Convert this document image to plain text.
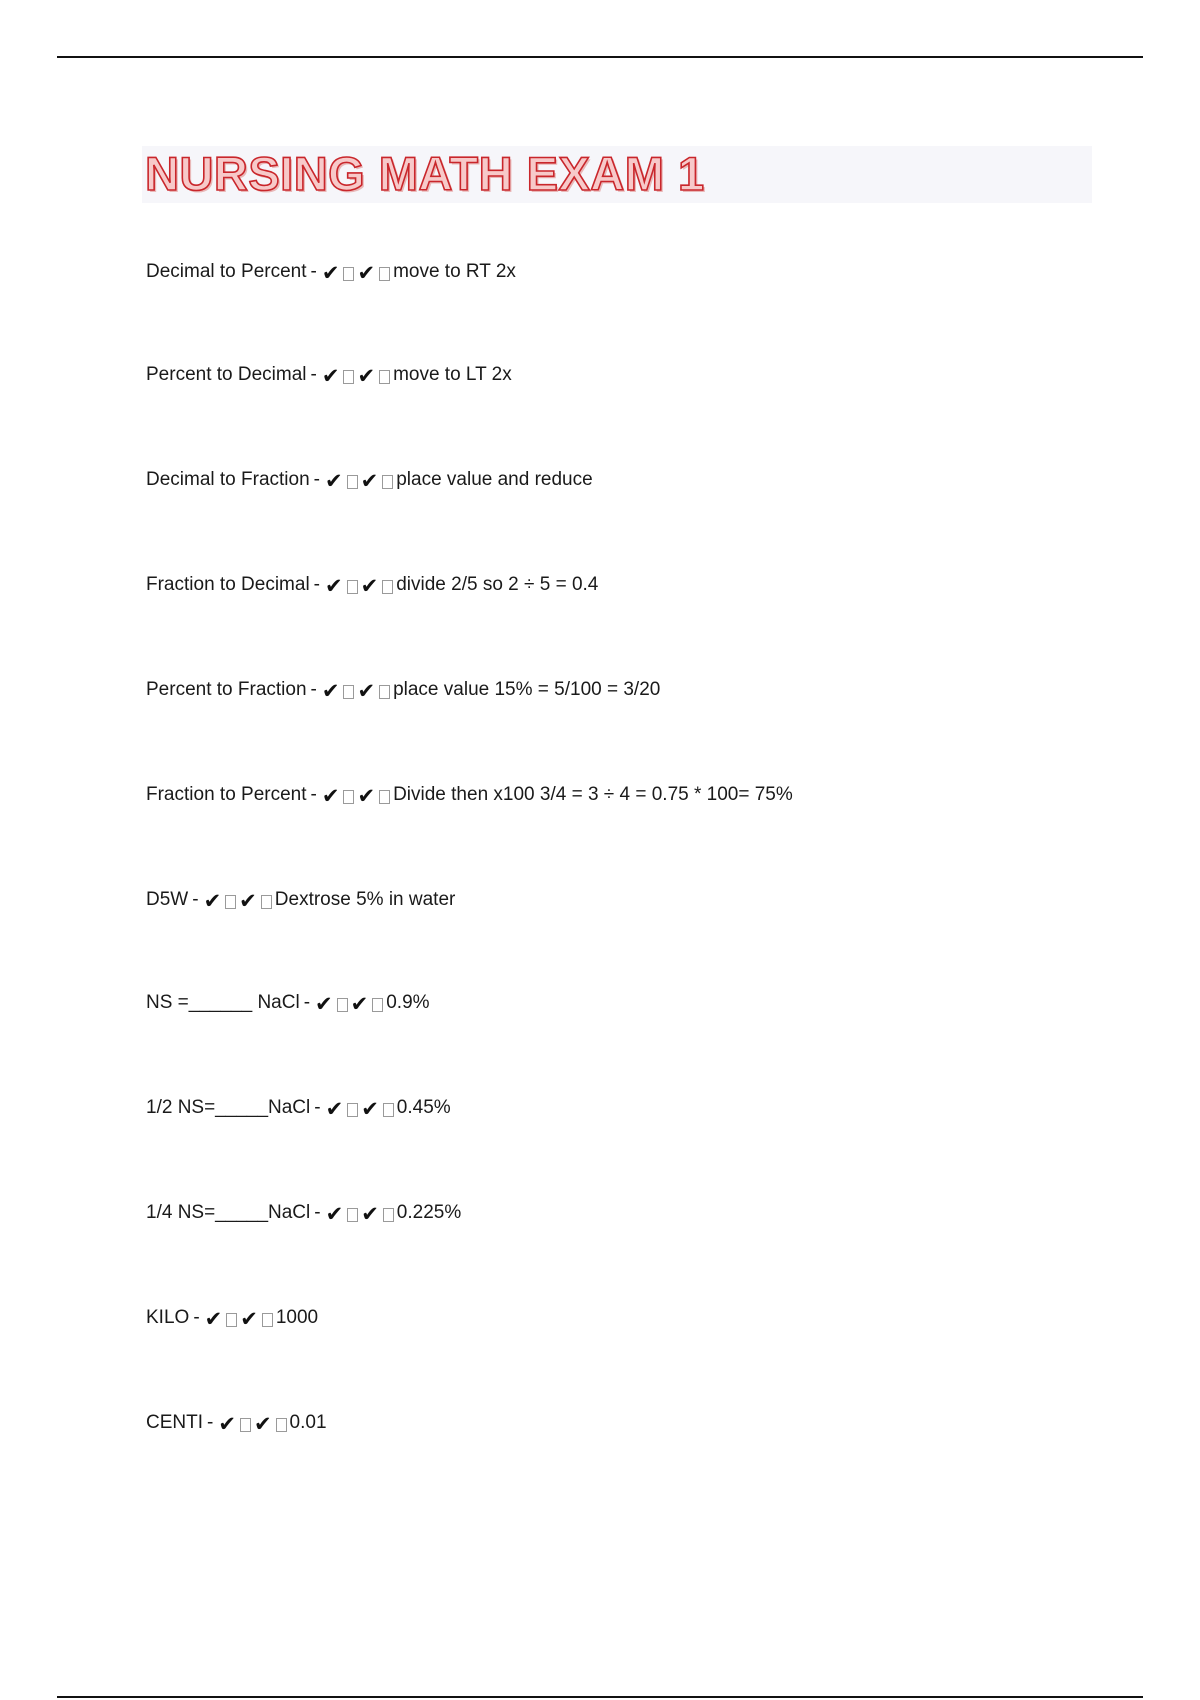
NURSING MATH EXAM 1
Decimal to Percent - ✔ ✔ move to RT 2x
Percent to Decimal - ✔ ✔ move to LT 2x
Decimal to Fraction - ✔ ✔ place value and reduce
Fraction to Decimal - ✔ ✔ divide 2/5 so 2 ÷ 5 = 0.4
Percent to Fraction - ✔ ✔ place value 15% = 5/100 = 3/20
Fraction to Percent - ✔ ✔ Divide then x100 3/4 = 3 ÷ 4 = 0.75 * 100= 75%
D5W - ✔ ✔ Dextrose 5% in water
NS =______ NaCl - ✔ ✔ 0.9%
1/2 NS=_____NaCl - ✔ ✔ 0.45%
1/4 NS=_____NaCl - ✔ ✔ 0.225%
KILO - ✔ ✔ 1000
CENTI - ✔ ✔ 0.01
